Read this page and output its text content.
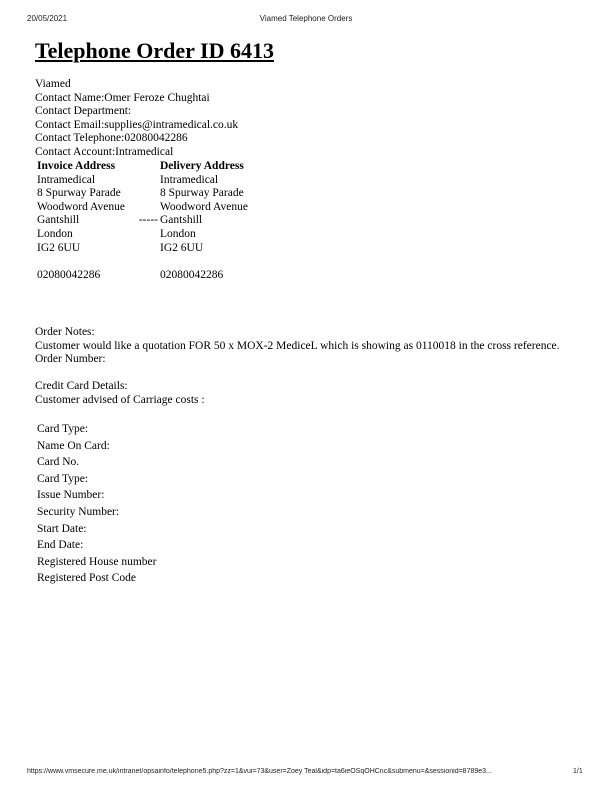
20/05/2021	Viamed Telephone Orders
Telephone Order ID 6413
Viamed
Contact Name:Omer Feroze Chughtai
Contact Department:
Contact Email:supplies@intramedical.co.uk
Contact Telephone:02080042286
Contact Account:Intramedical
Invoice Address		Delivery Address
Intramedical		Intramedical
8 Spurway Parade		8 Spurway Parade
Woodword Avenue		Woodword Avenue
Gantshill	-----	Gantshill
London		London
IG2 6UU		IG2 6UU

02080042286		02080042286
Order Notes:
Customer would like a quotation FOR 50 x MOX-2 MediceL which is showing as 0110018 in the cross reference.
Order Number:
Credit Card Details:
Customer advised of Carriage costs :
Card Type:
Name On Card:
Card No.
Card Type:
Issue Number:
Security Number:
Start Date:
End Date:
Registered House number
Registered Post Code
https://www.vmsecure.me.uk/intranet/opsainfo/telephone5.php?zz=1&vui=73&user=Zoey Teal&idp=ta6ieOSqOHCnc&submenu=&sessionid=8789e3...	1/1
